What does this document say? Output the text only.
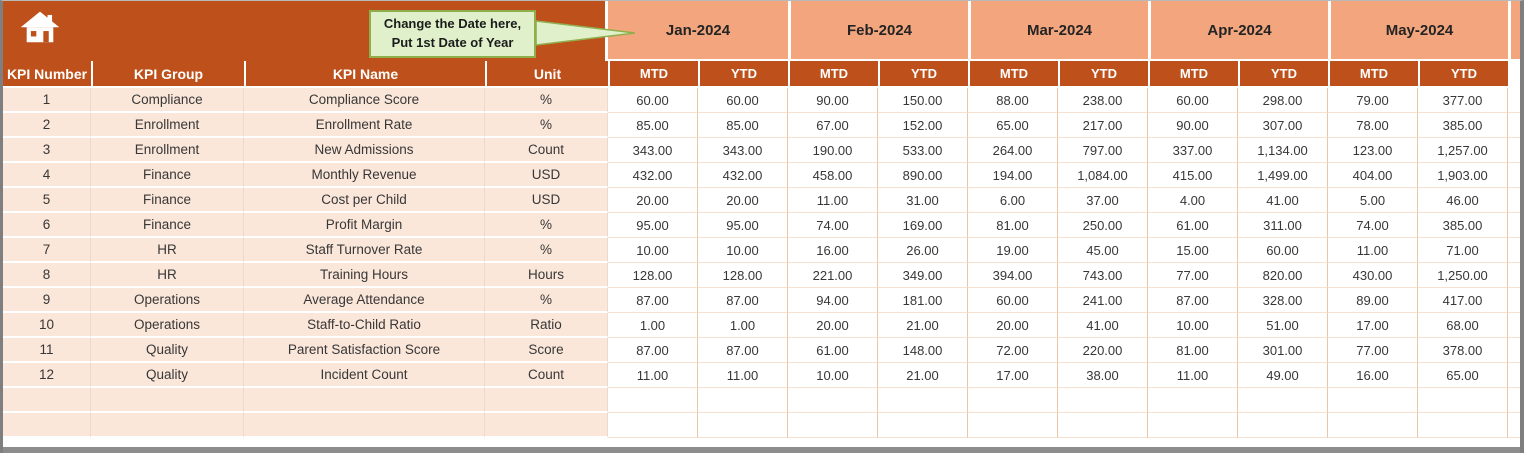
Jan-2024	Feb-2024	Mar-2024	Apr-2024	May-2024
KPI Number	KPI Group	KPI Name	Unit	MTD	YTD	MTD	YTD	MTD	YTD	MTD	YTD	MTD	YTD
1	Compliance	Compliance Score	%	60.00	60.00	90.00	150.00	88.00	238.00	60.00	298.00	79.00	377.00
2	Enrollment	Enrollment Rate	%	85.00	85.00	67.00	152.00	65.00	217.00	90.00	307.00	78.00	385.00
3	Enrollment	New Admissions	Count	343.00	343.00	190.00	533.00	264.00	797.00	337.00	1,134.00	123.00	1,257.00
4	Finance	Monthly Revenue	USD	432.00	432.00	458.00	890.00	194.00	1,084.00	415.00	1,499.00	404.00	1,903.00
5	Finance	Cost per Child	USD	20.00	20.00	11.00	31.00	6.00	37.00	4.00	41.00	5.00	46.00
6	Finance	Profit Margin	%	95.00	95.00	74.00	169.00	81.00	250.00	61.00	311.00	74.00	385.00
7	HR	Staff Turnover Rate	%	10.00	10.00	16.00	26.00	19.00	45.00	15.00	60.00	11.00	71.00
8	HR	Training Hours	Hours	128.00	128.00	221.00	349.00	394.00	743.00	77.00	820.00	430.00	1,250.00
9	Operations	Average Attendance	%	87.00	87.00	94.00	181.00	60.00	241.00	87.00	328.00	89.00	417.00
10	Operations	Staff-to-Child Ratio	Ratio	1.00	1.00	20.00	21.00	20.00	41.00	10.00	51.00	17.00	68.00
11	Quality	Parent Satisfaction Score	Score	87.00	87.00	61.00	148.00	72.00	220.00	81.00	301.00	77.00	378.00
12	Quality	Incident Count	Count	11.00	11.00	10.00	21.00	17.00	38.00	11.00	49.00	16.00	65.00
Change the Date here,
Put 1st Date of Year
